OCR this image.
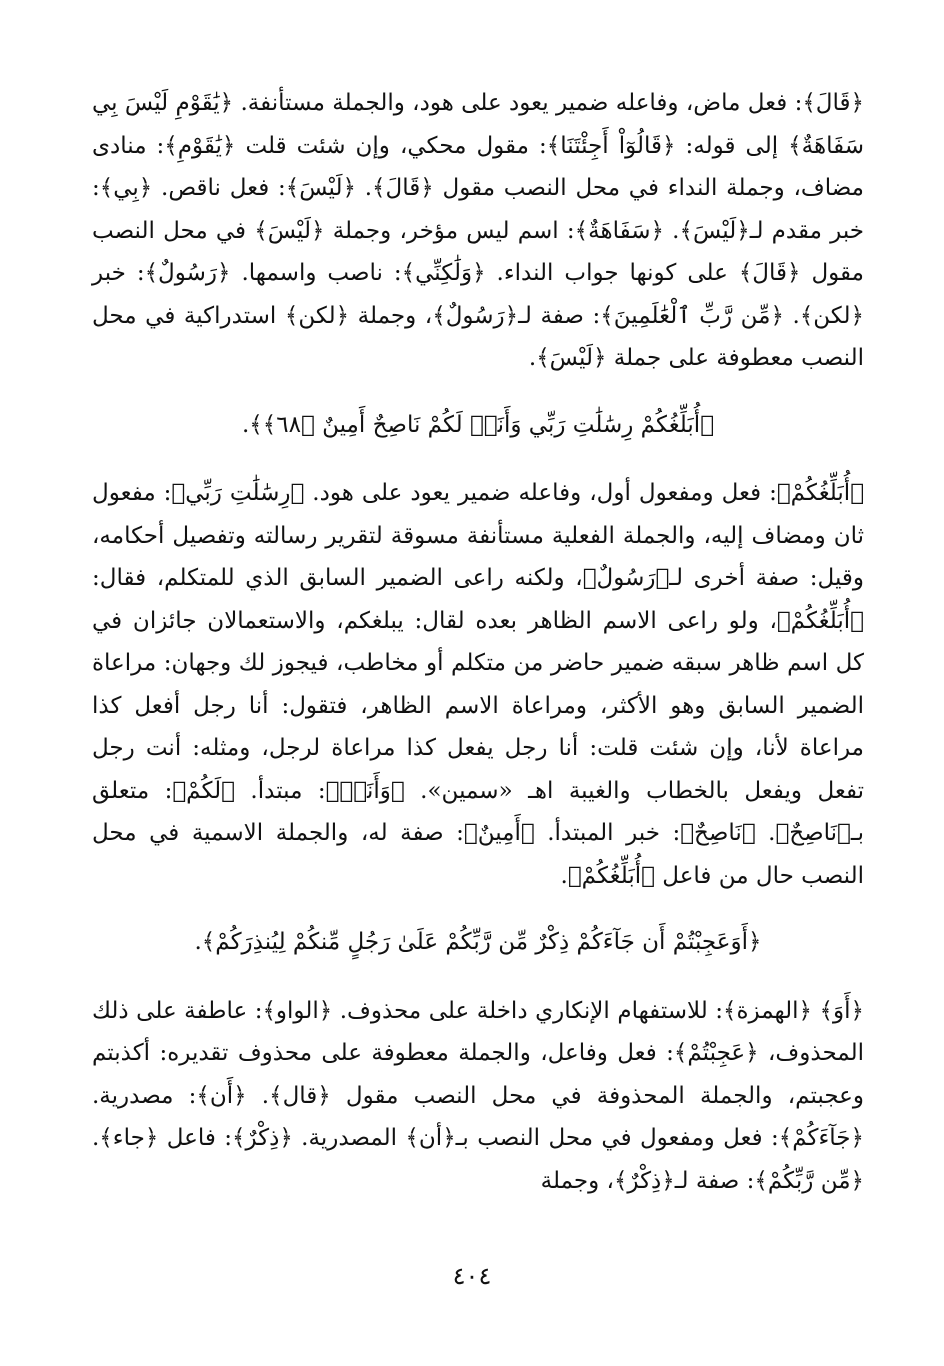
﴿قَالَ﴾: فعل ماض، وفاعله ضمير يعود على هود، والجملة مستأنفة. ﴿يَٰقَوْمِ لَيْسَ بِي سَفَاهَةٌ﴾ إلى قوله: ﴿قَالُوٓاْ أَجِئْتَنَا﴾: مقول محكي، وإن شئت قلت ﴿يَٰقَوْمِ﴾: منادى مضاف، وجملة النداء في محل النصب مقول ﴿قَالَ﴾. ﴿لَيْسَ﴾: فعل ناقص. ﴿بِي﴾: خبر مقدم لـ﴿لَيْسَ﴾. ﴿سَفَاهَةٌ﴾: اسم ليس مؤخر، وجملة ﴿لَيْسَ﴾ في محل النصب مقول ﴿قَالَ﴾ على كونها جواب النداء. ﴿وَلَٰكِنِّي﴾: ناصب واسمها. ﴿رَسُولٌ﴾: خبر ﴿لكن﴾. ﴿مِّن رَّبِّ ٱلْعَٰلَمِينَ﴾: صفة لـ﴿رَسُولٌ﴾، وجملة ﴿لكن﴾ استدراكية في محل النصب معطوفة على جملة ﴿لَيْسَ﴾.

﴿أُبَلِّغُكُمْ رِسَٰلَٰتِ رَبِّي وَأَنَا۠ لَكُمْ نَاصِحٌ أَمِينٌ ﴿٦٨﴾﴾.

﴿أُبَلِّغُكُمْ﴾: فعل ومفعول أول، وفاعله ضمير يعود على هود. ﴿رِسَٰلَٰتِ رَبِّي﴾: مفعول ثان ومضاف إليه، والجملة الفعلية مستأنفة مسوقة لتقرير رسالته وتفصيل أحكامه، وقيل: صفة أخرى لـ﴿رَسُولٌ﴾، ولكنه راعى الضمير السابق الذي للمتكلم، فقال: ﴿أُبَلِّغُكُمْ﴾، ولو راعى الاسم الظاهر بعده لقال: يبلغكم، والاستعمالان جائزان في كل اسم ظاهر سبقه ضمير حاضر من متكلم أو مخاطب، فيجوز لك وجهان: مراعاة الضمير السابق وهو الأكثر، ومراعاة الاسم الظاهر، فتقول: أنا رجل أفعل كذا مراعاة لأنا، وإن شئت قلت: أنا رجل يفعل كذا مراعاة لرجل، ومثله: أنت رجل تفعل ويفعل بالخطاب والغيبة اهـ «سمين». ﴿وَأَنَا۠﴾: مبتدأ. ﴿لَكُمْ﴾: متعلق بـ﴿نَاصِحٌ﴾. ﴿نَاصِحٌ﴾: خبر المبتدأ. ﴿أَمِينٌ﴾: صفة له، والجملة الاسمية في محل النصب حال من فاعل ﴿أُبَلِّغُكُمْ﴾.

﴿أَوَعَجِبْتُمْ أَن جَآءَكُمْ ذِكْرٌ مِّن رَّبِّكُمْ عَلَىٰ رَجُلٍ مِّنكُمْ لِيُنذِرَكُمْ﴾.

﴿أَوَ﴾ ﴿الهمزة﴾: للاستفهام الإنكاري داخلة على محذوف. ﴿الواو﴾: عاطفة على ذلك المحذوف، ﴿عَجِبْتُمْ﴾: فعل وفاعل، والجملة معطوفة على محذوف تقديره: أكذبتم وعجبتم، والجملة المحذوفة في محل النصب مقول ﴿قال﴾. ﴿أَن﴾: مصدرية. ﴿جَآءَكُمْ﴾: فعل ومفعول في محل النصب بـ﴿أن﴾ المصدرية. ﴿ذِكْرٌ﴾: فاعل ﴿جاء﴾. ﴿مِّن رَّبِّكُمْ﴾: صفة لـ﴿ذِكْرٌ﴾، وجملة

٤٠٤
